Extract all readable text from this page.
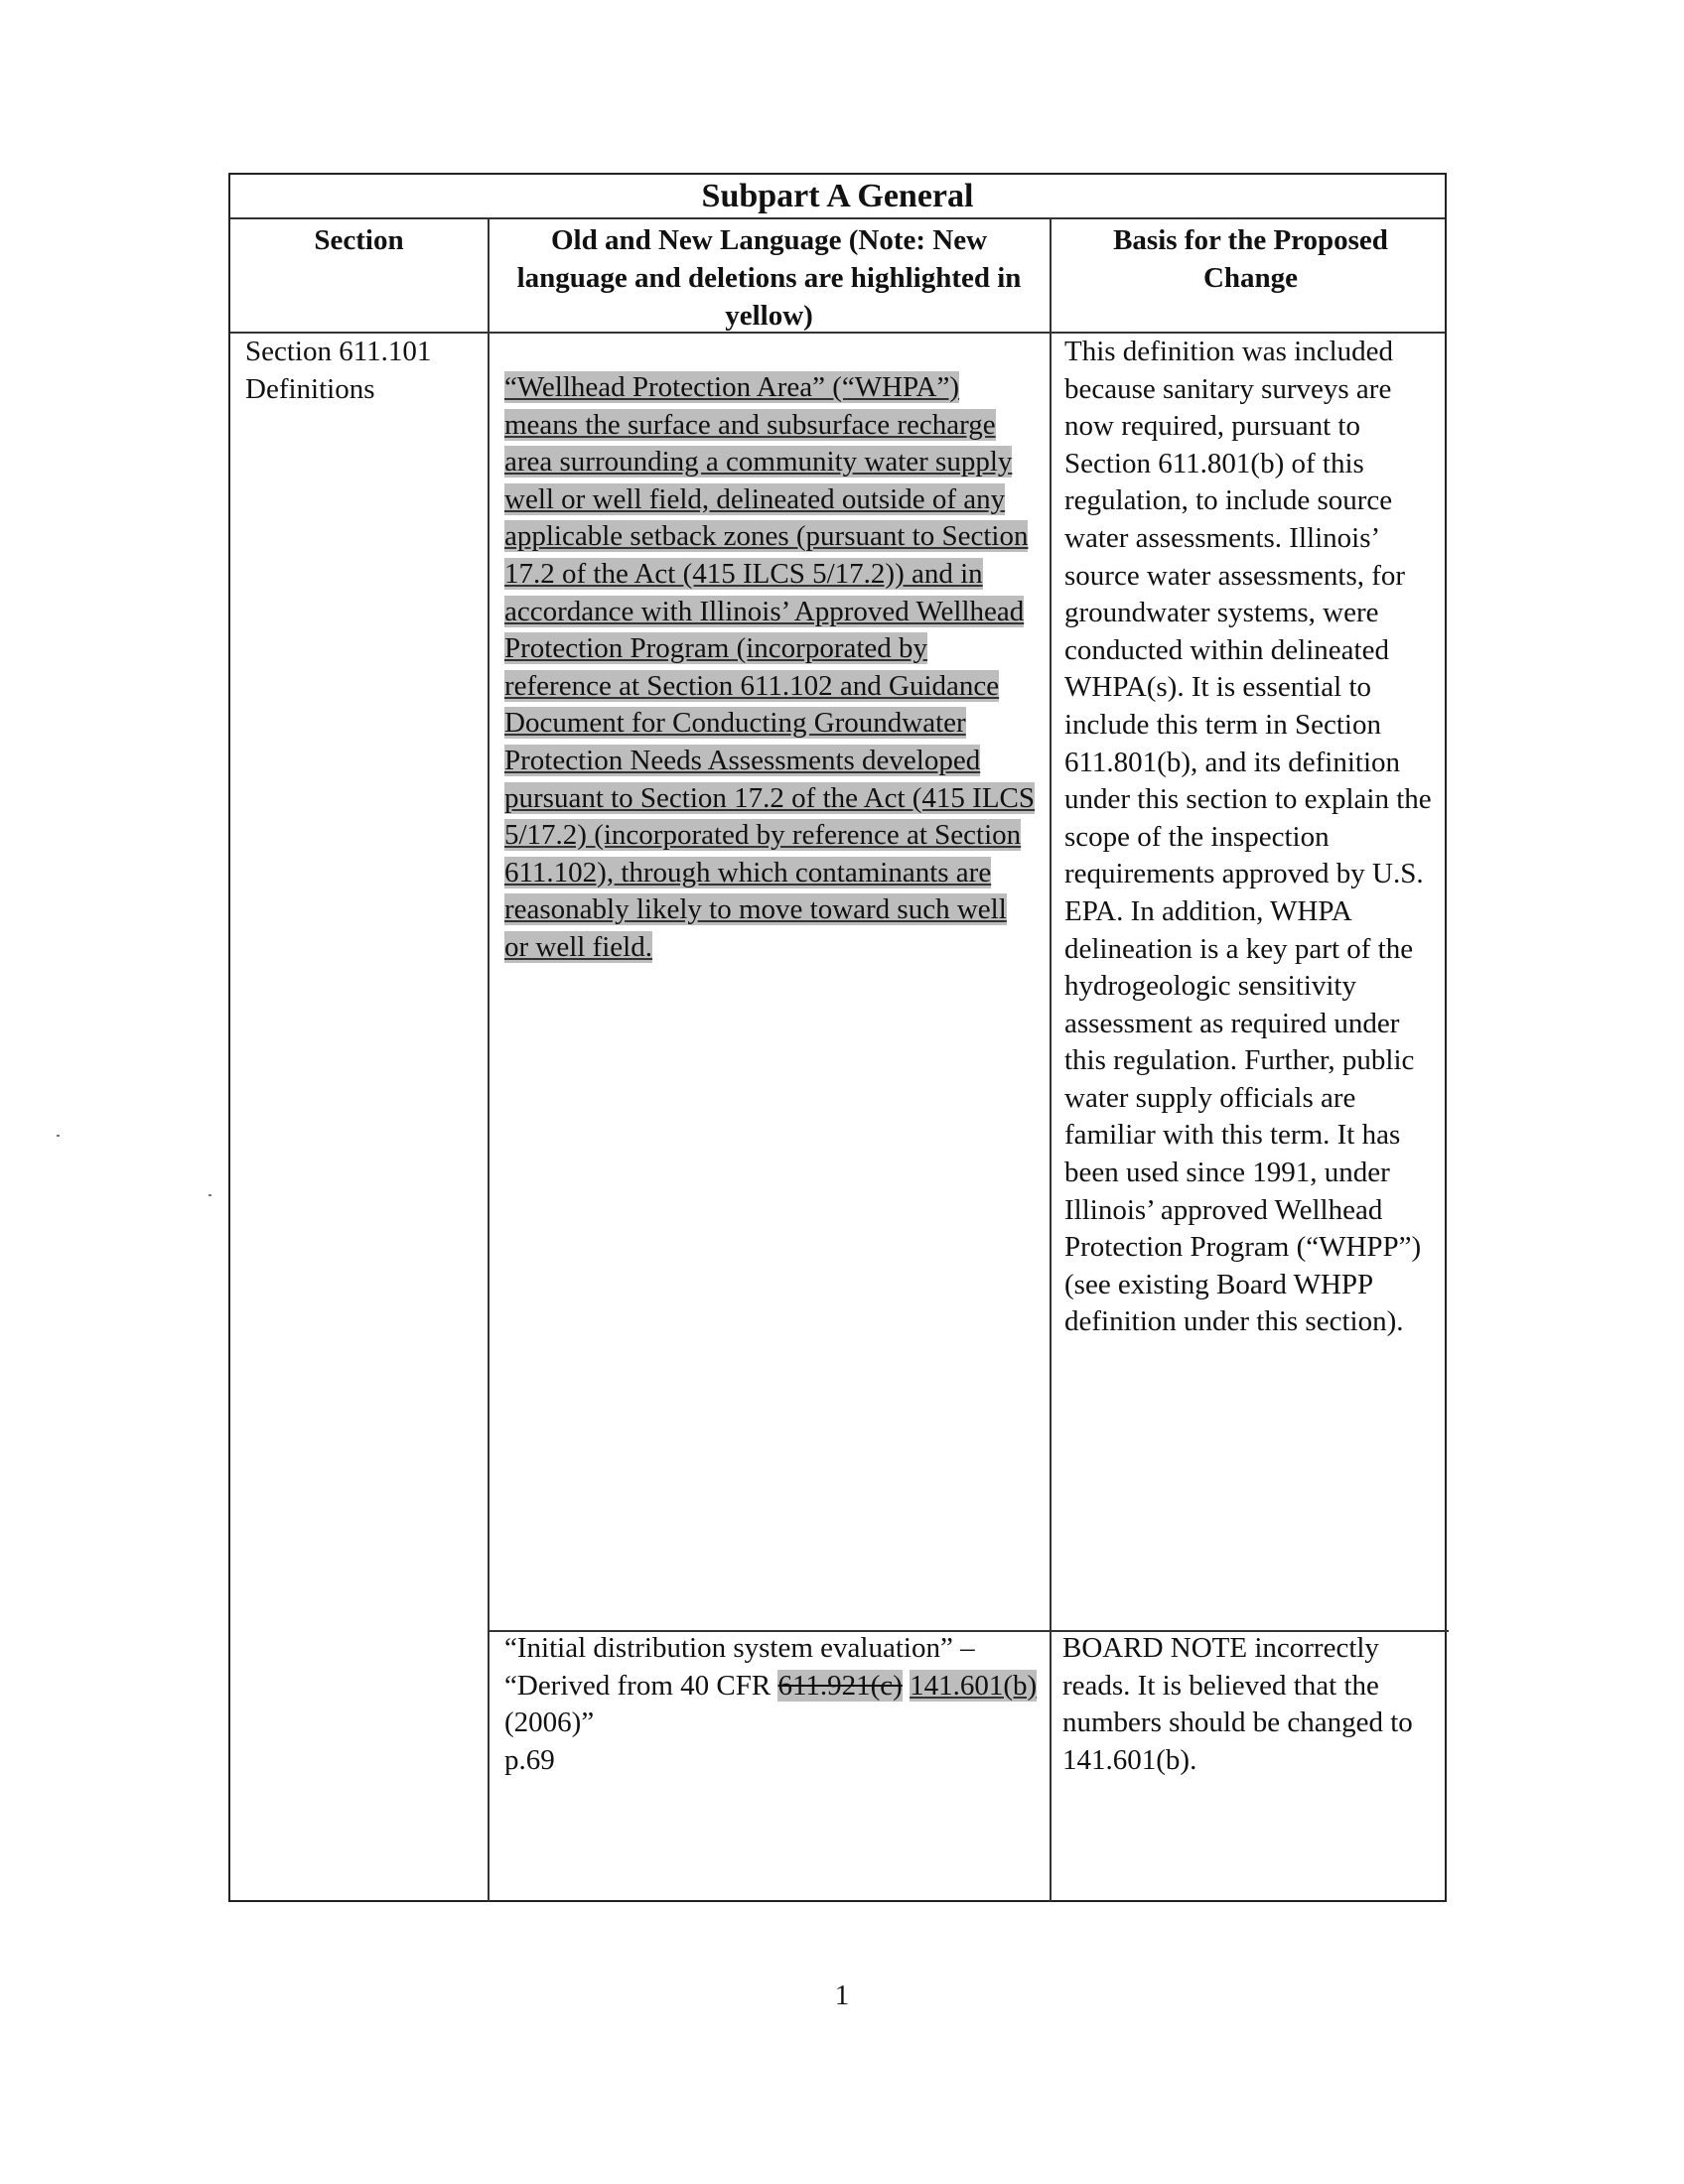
Subpart A General
Section	Old and New Language (Note: New language and deletions are highlighted in yellow)
Basis for the Proposed Change
Section 611.101 Definitions	“Wellhead Protection Area” (“WHPA”) means the surface and subsurface recharge area surrounding a community water supply well or well field, delineated outside of any applicable setback zones (pursuant to Section 17.2 of the Act (415 ILCS 5/17.2)) and in accordance with Illinois’ Approved Wellhead Protection Program (incorporated by reference at Section 611.102 and Guidance Document for Conducting Groundwater Protection Needs Assessments developed pursuant to Section 17.2 of the Act (415 ILCS 5/17.2) (incorporated by reference at Section 611.102), through which contaminants are reasonably likely to move toward such well or well field.
This definition was included because sanitary surveys are now required, pursuant to Section 611.801(b) of this regulation, to include source water assessments. Illinois’ source water assessments, for groundwater systems, were conducted within delineated WHPA(s). It is essential to include this term in Section 611.801(b), and its definition under this section to explain the scope of the inspection requirements approved by U.S. EPA. In addition, WHPA delineation is a key part of the hydrogeologic sensitivity assessment as required under this regulation. Further, public water supply officials are familiar with this term. It has been used since 1991, under Illinois’ approved Wellhead Protection Program (“WHPP”) (see existing Board WHPP definition under this section).
“Initial distribution system evaluation” – “Derived from 40 CFR 611.921(c) 141.601(b) (2006)”
p.69
BOARD NOTE incorrectly reads. It is believed that the numbers should be changed to 141.601(b).
1
